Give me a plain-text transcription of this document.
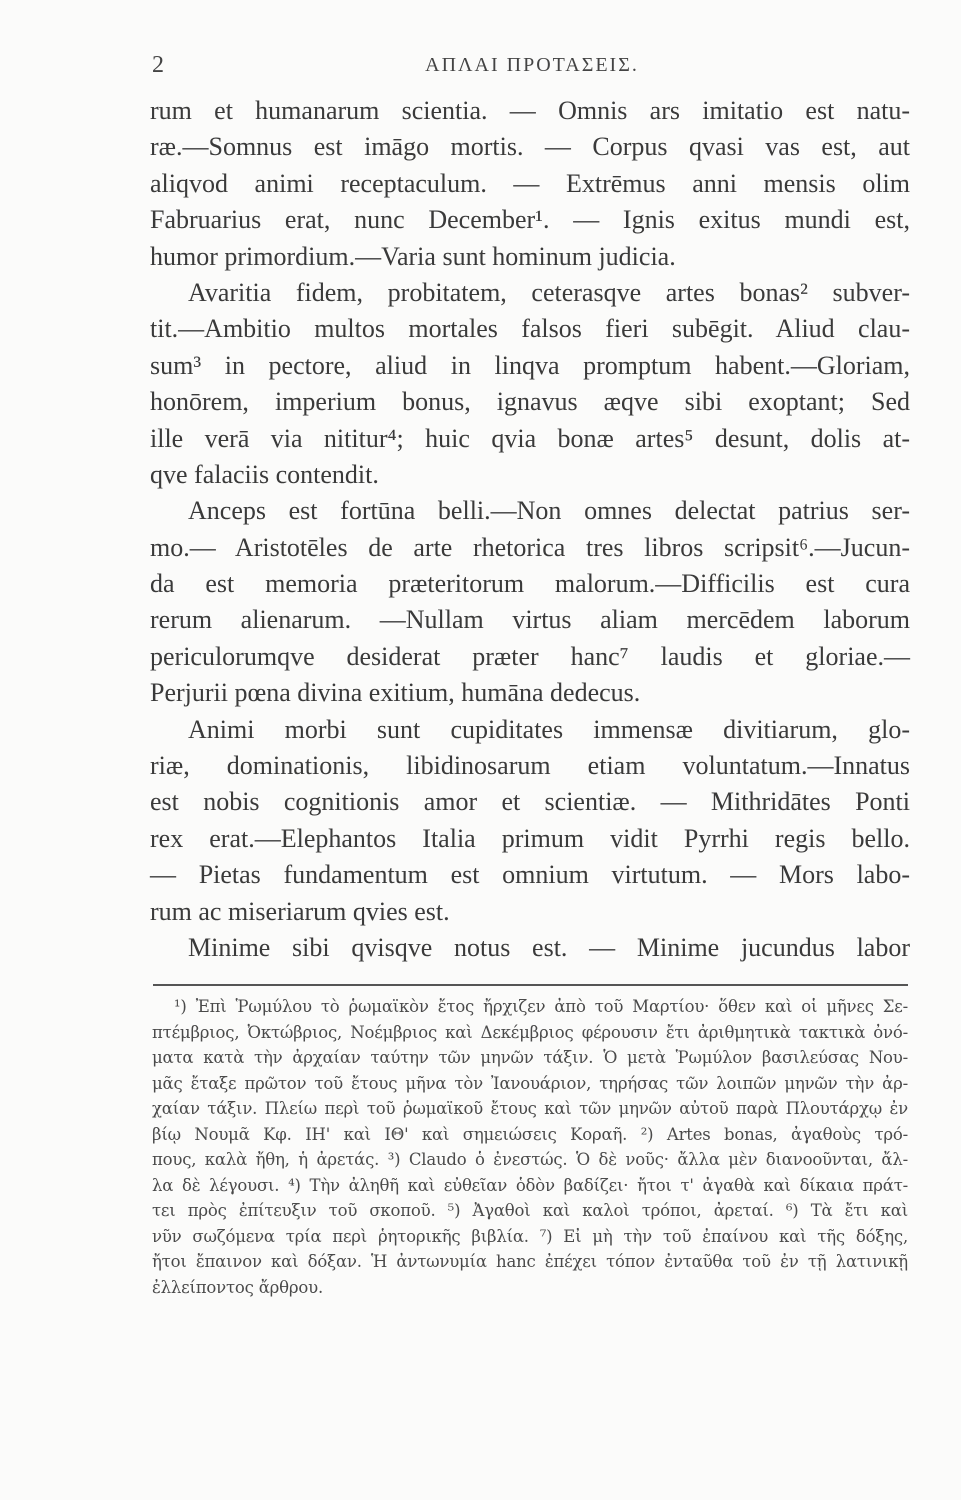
2	ΑΠΛΑΙ ΠΡΟΤΑΣΕΙΣ.
rum et humanarum scientia. — Omnis ars imitatio est natu-
ræ.—Somnus est imāgo mortis. — Corpus qvasi vas est, aut
aliqvod animi receptaculum. — Extrēmus anni mensis olim
Fabruarius erat, nunc December¹. — Ignis exitus mundi est,
humor primordium.—Varia sunt hominum judicia.
Avaritia fidem, probitatem, ceterasqve artes bonas² subver-
tit.—Ambitio multos mortales falsos fieri subēgit. Aliud clau-
sum³ in pectore, aliud in linqva promptum habent.—Gloriam,
honōrem, imperium bonus, ignavus æqve sibi exoptant; Sed
ille verā via nititur⁴; huic qvia bonæ artes⁵ desunt, dolis at-
qve falaciis contendit.
Anceps est fortūna belli.—Non omnes delectat patrius ser-
mo.— Aristotēles de arte rhetorica tres libros scripsit⁶.—Jucun-
da est memoria præteritorum malorum.—Difficilis est cura
rerum alienarum. —Nullam virtus aliam mercēdem laborum
periculorumqve desiderat præter hanc⁷ laudis et gloriae.—
Perjurii pœna divina exitium, humāna dedecus.
Animi morbi sunt cupiditates immensæ divitiarum, glo-
riæ, dominationis, libidinosarum etiam voluntatum.—Innatus
est nobis cognitionis amor et scientiæ. — Mithridātes Ponti
rex erat.—Elephantos Italia primum vidit Pyrrhi regis bello.
— Pietas fundamentum est omnium virtutum. — Mors labo-
rum ac miseriarum qvies est.
Minime sibi qvisqve notus est. — Minime jucundus labor
¹) Ἐπὶ Ῥωμύλου τὸ ῥωμαϊκὸν ἔτος ἤρχιζεν ἀπὸ τοῦ Μαρτίου· ὅθεν καὶ οἱ μῆνες Σε-
πτέμβριος, Ὀκτώβριος, Νοέμβριος καὶ Δεκέμβριος φέρουσιν ἔτι ἀριθμητικὰ τακτικὰ ὀνό-
ματα κατὰ τὴν ἀρχαίαν ταύτην τῶν μηνῶν τάξιν. Ὁ μετὰ Ῥωμύλον βασιλεύσας Νου-
μᾶς ἔταξε πρῶτον τοῦ ἔτους μῆνα τὸν Ἰανουάριον, τηρήσας τῶν λοιπῶν μηνῶν τὴν ἀρ-
χαίαν τάξιν. Πλείω περὶ τοῦ ῥωμαϊκοῦ ἔτους καὶ τῶν μηνῶν αὐτοῦ παρὰ Πλουτάρχῳ ἐν
βίῳ Νουμᾶ Κφ. ΙΗ' καὶ ΙΘ' καὶ σημειώσεις Κοραῆ. ²) Artes bonas, ἀγαθοὺς τρό-
πους, καλὰ ἤθη, ἡ ἀρετάς. ³) Claudo ὁ ἐνεστώς. Ὁ δὲ νοῦς· ἄλλα μὲν διανοοῦνται, ἄλ-
λα δὲ λέγουσι. ⁴) Τὴν ἀληθῆ καὶ εὐθεῖαν ὁδὸν βαδίζει· ἤτοι τ' ἀγαθὰ καὶ δίκαια πράτ-
τει πρὸς ἐπίτευξιν τοῦ σκοποῦ. ⁵) Ἀγαθοὶ καὶ καλοὶ τρόποι, ἀρεταί. ⁶) Τὰ ἔτι καὶ
νῦν σωζόμενα τρία περὶ ῥητορικῆς βιβλία. ⁷) Εἰ μὴ τὴν τοῦ ἐπαίνου καὶ τῆς δόξης,
ἤτοι ἔπαινον καὶ δόξαν. Ἡ ἀντωνυμία hanc ἐπέχει τόπον ἐνταῦθα τοῦ ἐν τῇ λατινικῇ
ἐλλείποντος ἄρθρου.
